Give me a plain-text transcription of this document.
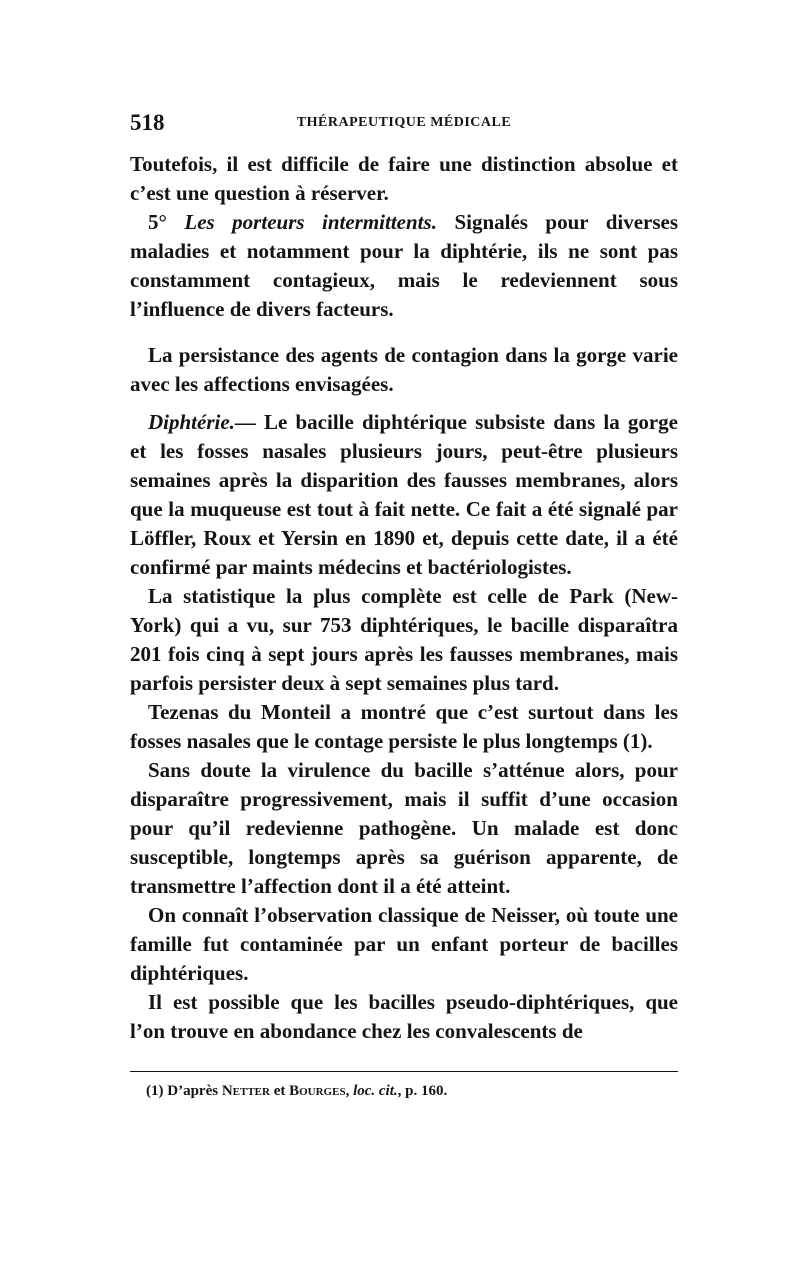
518	THÉRAPEUTIQUE MÉDICALE

Toutefois, il est difficile de faire une distinction absolue et c’est une question à réserver.

5° Les porteurs intermittents. Signalés pour diverses maladies et notamment pour la diphtérie, ils ne sont pas constamment contagieux, mais le redeviennent sous l’influence de divers facteurs.

La persistance des agents de contagion dans la gorge varie avec les affections envisagées.

Diphtérie.— Le bacille diphtérique subsiste dans la gorge et les fosses nasales plusieurs jours, peut-être plusieurs semaines après la disparition des fausses membranes, alors que la muqueuse est tout à fait nette. Ce fait a été signalé par Löffler, Roux et Yersin en 1890 et, depuis cette date, il a été confirmé par maints médecins et bactériologistes.

La statistique la plus complète est celle de Park (New-York) qui a vu, sur 753 diphtériques, le bacille disparaîtra 201 fois cinq à sept jours après les fausses membranes, mais parfois persister deux à sept semaines plus tard.

Tezenas du Monteil a montré que c’est surtout dans les fosses nasales que le contage persiste le plus longtemps (1).

Sans doute la virulence du bacille s’atténue alors, pour disparaître progressivement, mais il suffit d’une occasion pour qu’il redevienne pathogène. Un malade est donc susceptible, longtemps après sa guérison apparente, de transmettre l’affection dont il a été atteint.

On connaît l’observation classique de Neisser, où toute une famille fut contaminée par un enfant porteur de bacilles diphtériques.

Il est possible que les bacilles pseudo-diphtériques, que l’on trouve en abondance chez les convalescents de

(1) D’après Netter et Bourges, loc. cit., p. 160.
